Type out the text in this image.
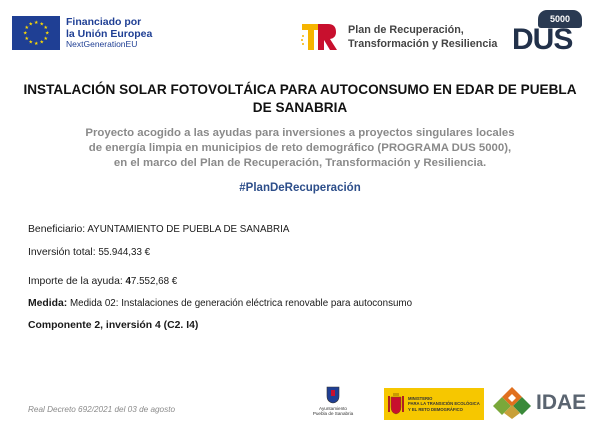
★ ★
★
★
★
★
★
★
★
★
★
★	Financiado por
la Unión Europea
NextGenerationEU
Plan de Recuperación,
Transformación y Resiliencia
5000
DUS
INSTALACIÓN SOLAR FOTOVOLTÁICA PARA AUTOCONSUMO EN EDAR DE PUEBLA
DE SANABRIA
Proyecto acogido a las ayudas para inversiones a proyectos singulares locales
de energía limpia en municipios de reto demográfico (PROGRAMA DUS 5000),
en el marco del Plan de Recuperación, Transformación y Resiliencia.
#PlanDeRecuperación
Beneficiario: AYUNTAMIENTO DE PUEBLA DE SANABRIA
Inversión total: 55.944,33 €
Importe de la ayuda: 47.552,68 €
Medida: Medida 02: Instalaciones de generación eléctrica renovable para autoconsumo
Componente 2, inversión 4 (C2. I4)
Real Decreto 692/2021 del 03 de agosto	Ayuntamiento
Puebla de Sanabria
MINISTERIO
PARA LA TRANSICIÓN ECOLÓGICA
Y EL RETO DEMOGRÁFICO	IDAE
